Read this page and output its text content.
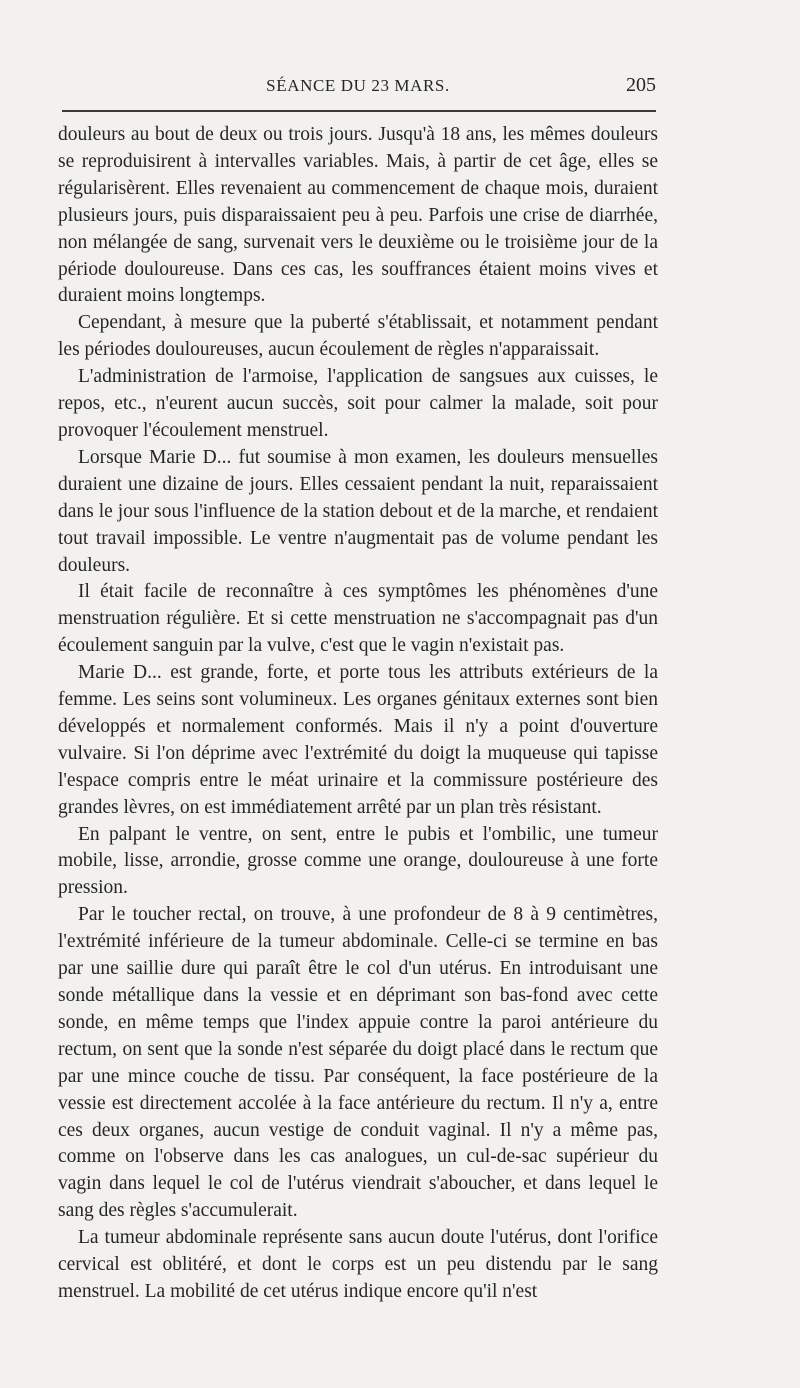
SÉANCE DU 23 MARS.	205

douleurs au bout de deux ou trois jours. Jusqu'à 18 ans, les mêmes douleurs se reproduisirent à intervalles variables. Mais, à partir de cet âge, elles se régularisèrent. Elles revenaient au commencement de chaque mois, duraient plusieurs jours, puis disparaissaient peu à peu. Parfois une crise de diarrhée, non mélangée de sang, survenait vers le deuxième ou le troisième jour de la période douloureuse. Dans ces cas, les souffrances étaient moins vives et duraient moins longtemps.

Cependant, à mesure que la puberté s'établissait, et notamment pendant les périodes douloureuses, aucun écoulement de règles n'apparaissait.

L'administration de l'armoise, l'application de sangsues aux cuisses, le repos, etc., n'eurent aucun succès, soit pour calmer la malade, soit pour provoquer l'écoulement menstruel.

Lorsque Marie D... fut soumise à mon examen, les douleurs mensuelles duraient une dizaine de jours. Elles cessaient pendant la nuit, reparaissaient dans le jour sous l'influence de la station debout et de la marche, et rendaient tout travail impossible. Le ventre n'augmentait pas de volume pendant les douleurs.

Il était facile de reconnaître à ces symptômes les phénomènes d'une menstruation régulière. Et si cette menstruation ne s'accompagnait pas d'un écoulement sanguin par la vulve, c'est que le vagin n'existait pas.

Marie D... est grande, forte, et porte tous les attributs extérieurs de la femme. Les seins sont volumineux. Les organes génitaux externes sont bien développés et normalement conformés. Mais il n'y a point d'ouverture vulvaire. Si l'on déprime avec l'extrémité du doigt la muqueuse qui tapisse l'espace compris entre le méat urinaire et la commissure postérieure des grandes lèvres, on est immédiatement arrêté par un plan très résistant.

En palpant le ventre, on sent, entre le pubis et l'ombilic, une tumeur mobile, lisse, arrondie, grosse comme une orange, douloureuse à une forte pression.

Par le toucher rectal, on trouve, à une profondeur de 8 à 9 centimètres, l'extrémité inférieure de la tumeur abdominale. Celle-ci se termine en bas par une saillie dure qui paraît être le col d'un utérus. En introduisant une sonde métallique dans la vessie et en déprimant son bas-fond avec cette sonde, en même temps que l'index appuie contre la paroi antérieure du rectum, on sent que la sonde n'est séparée du doigt placé dans le rectum que par une mince couche de tissu. Par conséquent, la face postérieure de la vessie est directement accolée à la face antérieure du rectum. Il n'y a, entre ces deux organes, aucun vestige de conduit vaginal. Il n'y a même pas, comme on l'observe dans les cas analogues, un cul-de-sac supérieur du vagin dans lequel le col de l'utérus viendrait s'aboucher, et dans lequel le sang des règles s'accumulerait.

La tumeur abdominale représente sans aucun doute l'utérus, dont l'orifice cervical est oblitéré, et dont le corps est un peu distendu par le sang menstruel. La mobilité de cet utérus indique encore qu'il n'est
